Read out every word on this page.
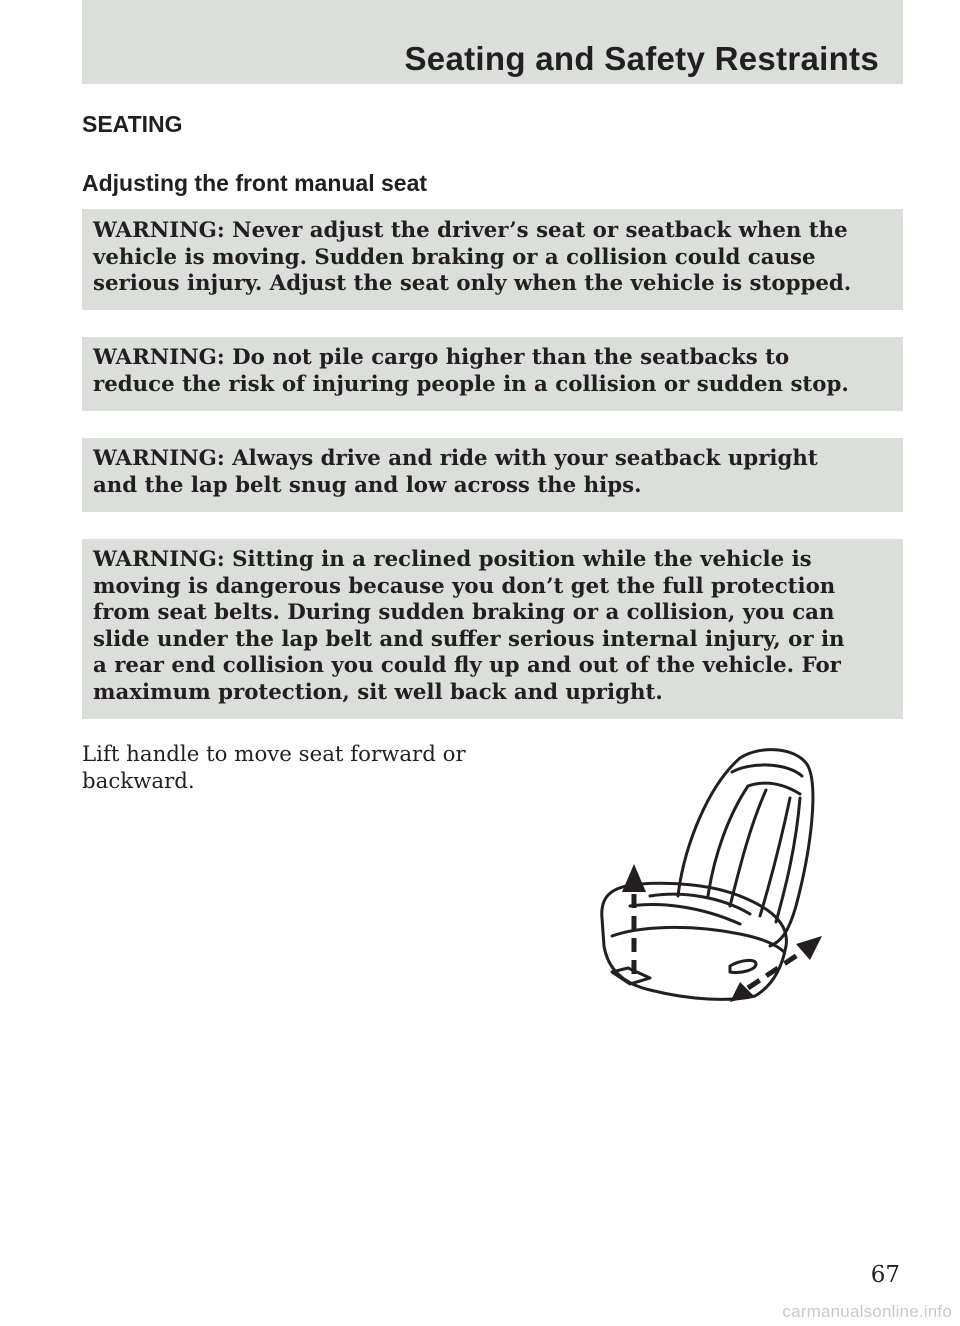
Seating and Safety Restraints
SEATING
Adjusting the front manual seat

WARNING: Never adjust the driver’s seat or seatback when the
vehicle is moving. Sudden braking or a collision could cause
serious injury. Adjust the seat only when the vehicle is stopped.

WARNING: Do not pile cargo higher than the seatbacks to
reduce the risk of injuring people in a collision or sudden stop.

WARNING: Always drive and ride with your seatback upright
and the lap belt snug and low across the hips.

WARNING: Sitting in a reclined position while the vehicle is
moving is dangerous because you don’t get the full protection
from seat belts. During sudden braking or a collision, you can
slide under the lap belt and suffer serious internal injury, or in
a rear end collision you could fly up and out of the vehicle. For
maximum protection, sit well back and upright.

Lift handle to move seat forward or
backward.

67
carmanualsonline.info
